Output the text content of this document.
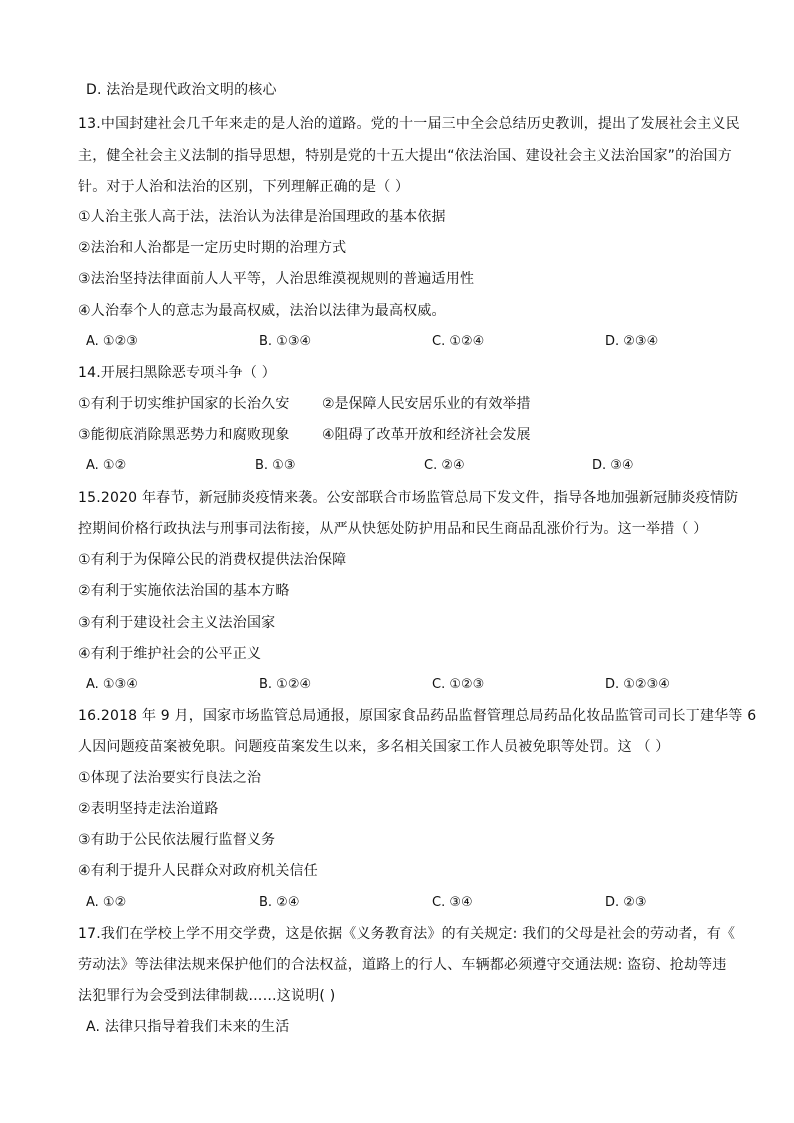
D. 法治是现代政治文明的核心
13.中国封建社会几千年来走的是人治的道路。党的十一届三中全会总结历史教训，提出了发展社会主义民
主，健全社会主义法制的指导思想，特别是党的十五大提出“依法治国、建设社会主义法治国家”的治国方
针。对于人治和法治的区别，下列理解正确的是（ ）
①人治主张人高于法，法治认为法律是治国理政的基本依据
②法治和人治都是一定历史时期的治理方式
③法治坚持法律面前人人平等，人治思维漠视规则的普遍适用性
④人治奉个人的意志为最高权威，法治以法律为最高权威。
A. ①②③	B. ①③④	C. ①②④	D. ②③④
14.开展扫黑除恶专项斗争（ ）
①有利于切实维护国家的长治久安 ②是保障人民安居乐业的有效举措
③能彻底消除黑恶势力和腐败现象 ④阻碍了改革开放和经济社会发展
A. ①②	B. ①③	C. ②④	D. ③④
15.2020 年春节，新冠肺炎疫情来袭。公安部联合市场监管总局下发文件，指导各地加强新冠肺炎疫情防
控期间价格行政执法与刑事司法衔接，从严从快惩处防护用品和民生商品乱涨价行为。这一举措（ ）
①有利于为保障公民的消费权提供法治保障
②有利于实施依法治国的基本方略
③有利于建设社会主义法治国家
④有利于维护社会的公平正义
A. ①③④	B. ①②④	C. ①②③	D. ①②③④
16.2018 年 9 月，国家市场监管总局通报，原国家食品药品监督管理总局药品化妆品监管司司长丁建华等 6
人因问题疫苗案被免职。问题疫苗案发生以来，多名相关国家工作人员被免职等处罚。这 （ ）
①体现了法治要实行良法之治
②表明坚持走法治道路
③有助于公民依法履行监督义务
④有利于提升人民群众对政府机关信任
A. ①②	B. ②④	C. ③④	D. ②③
17.我们在学校上学不用交学费，这是依据《义务教育法》的有关规定: 我们的父母是社会的劳动者，有《
劳动法》等法律法规来保护他们的合法权益，道路上的行人、车辆都必须遵守交通法规: 盗窃、抢劫等违
法犯罪行为会受到法律制裁……这说明( )
A. 法律只指导着我们未来的生活
